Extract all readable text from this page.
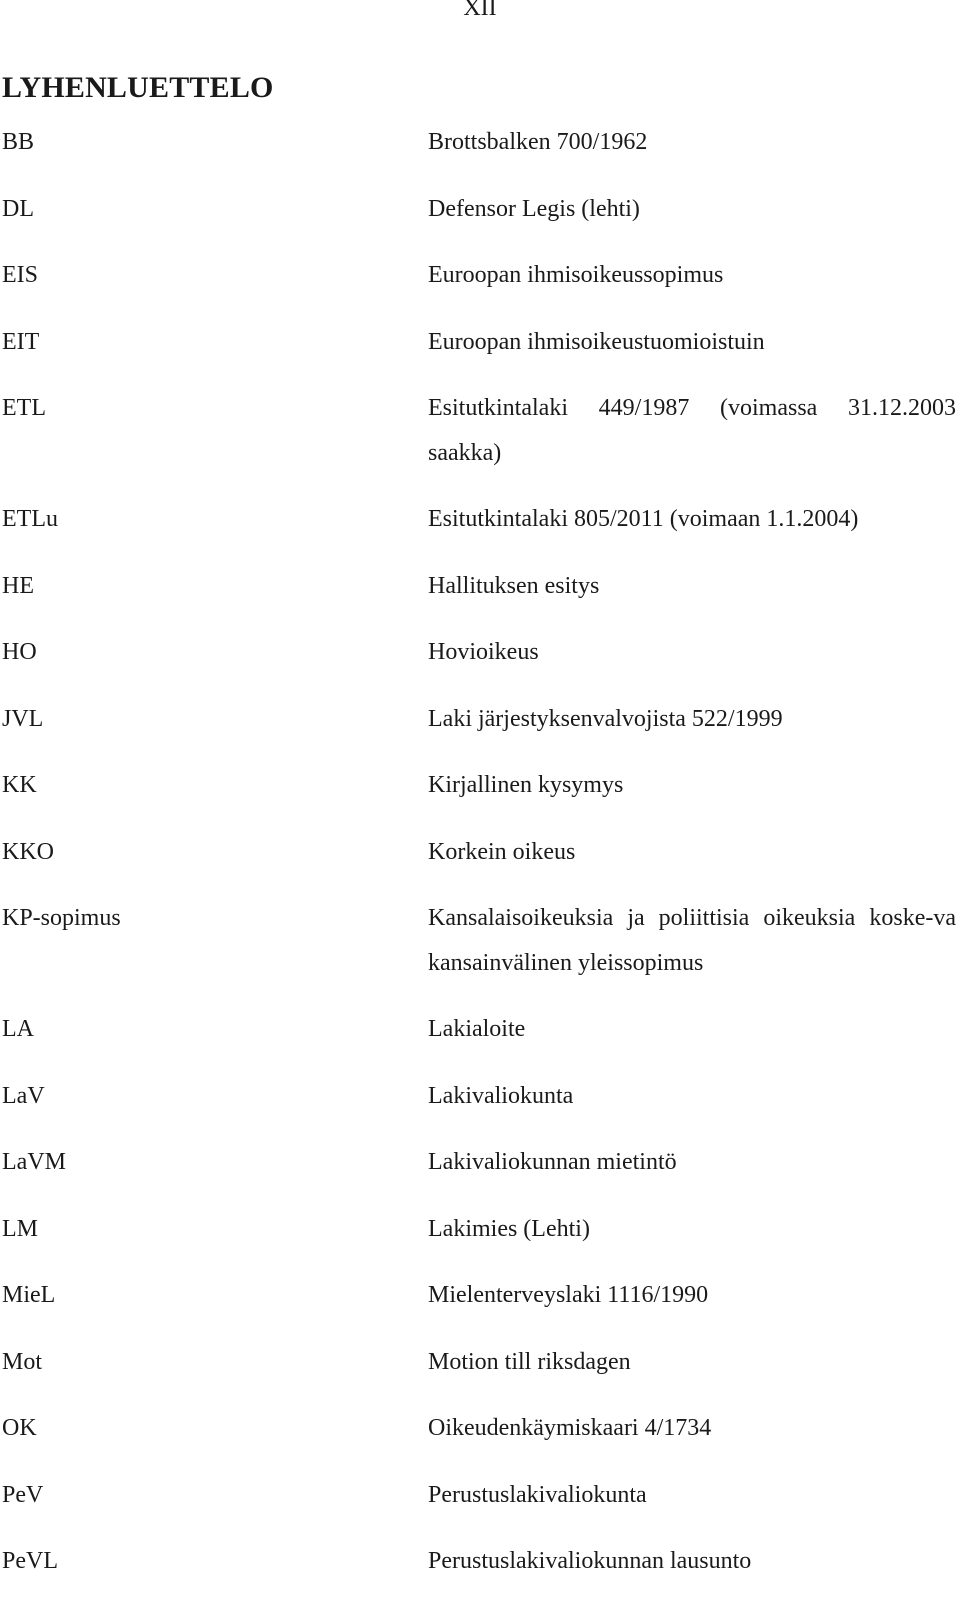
XII
LYHENLUETTELO
BB	Brottsbalken 700/1962
DL	Defensor Legis (lehti)
EIS	Euroopan ihmisoikeussopimus
EIT	Euroopan ihmisoikeustuomioistuin
ETL	Esitutkintalaki 449/1987 (voimassa 31.12.2003 saakka)
ETLu	Esitutkintalaki 805/2011 (voimaan 1.1.2004)
HE	Hallituksen esitys
HO	Hovioikeus
JVL	Laki järjestyksenvalvojista 522/1999
KK	Kirjallinen kysymys
KKO	Korkein oikeus
KP-sopimus	Kansalaisoikeuksia ja poliittisia oikeuksia koske-va kansainvälinen yleissopimus
LA	Lakialoite
LaV	Lakivaliokunta
LaVM	Lakivaliokunnan mietintö
LM	Lakimies (Lehti)
MieL	Mielenterveyslaki 1116/1990
Mot	Motion till riksdagen
OK	Oikeudenkäymiskaari 4/1734
PeV	Perustuslakivaliokunta
PeVL	Perustuslakivaliokunnan lausunto
